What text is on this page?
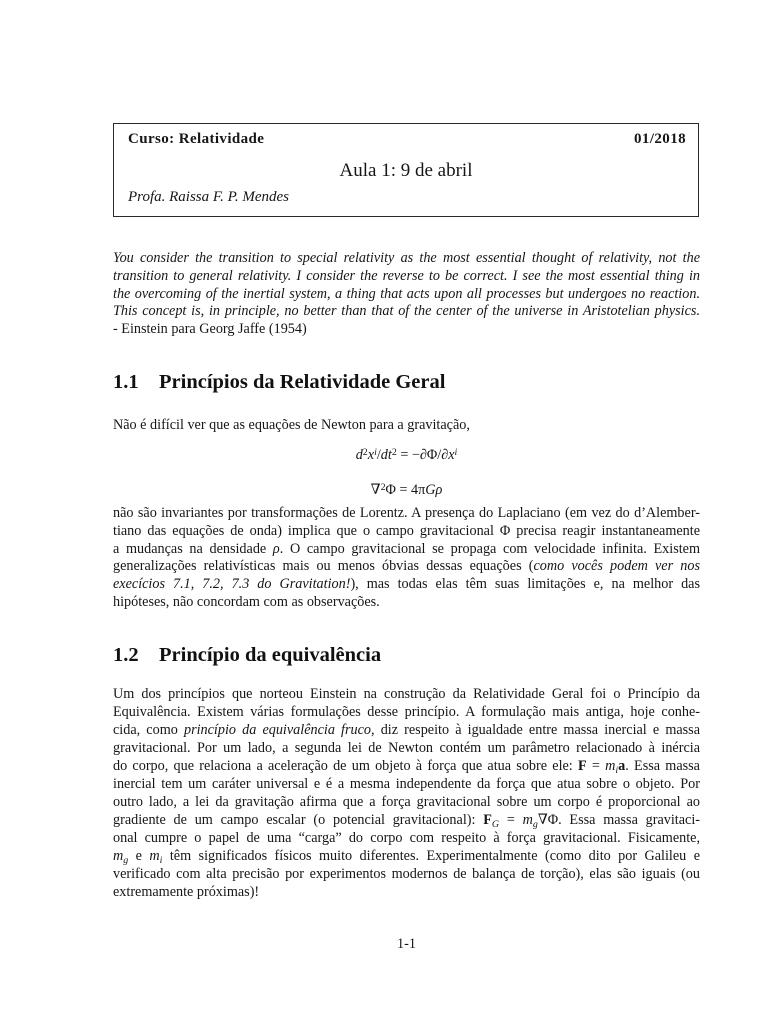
Curso: Relatividade	01/2018
Aula 1: 9 de abril
Profa. Raissa F. P. Mendes
You consider the transition to special relativity as the most essential thought of relativity, not the
transition to general relativity. I consider the reverse to be correct. I see the most essential thing in
the overcoming of the inertial system, a thing that acts upon all processes but undergoes no reaction.
This concept is, in principle, no better than that of the center of the universe in Aristotelian physics.
- Einstein para Georg Jaffe (1954)
1.1 Princípios da Relatividade Geral
Não é difícil ver que as equações de Newton para a gravitação,
$d^2x^i/dt^2 = -\partial\Phi/\partial x^i$
∇$^2$Φ = 4πGρ
não são invariantes por transformações de Lorentz. A presença do Laplaciano (em vez do d’Alember-
tiano das equações de onda) implica que o campo gravitacional Φ precisa reagir instantaneamente
a mudanças na densidade ρ. O campo gravitacional se propaga com velocidade infinita. Existem
generalizações relativísticas mais ou menos óbvias dessas equações (como vocês podem ver nos
execícios 7.1, 7.2, 7.3 do Gravitation!), mas todas elas têm suas limitações e, na melhor das
hipóteses, não concordam com as observações.
1.2 Princípio da equivalência
Um dos princípios que norteou Einstein na construção da Relatividade Geral foi o Princípio da
Equivalência. Existem várias formulações desse princípio. A formulação mais antiga, hoje conhe-
cida, como princípio da equivalência fruco, diz respeito à igualdade entre massa inercial e massa
gravitacional. Por um lado, a segunda lei de Newton contém um parâmetro relacionado à inércia
do corpo, que relaciona a aceleração de um objeto à força que atua sobre ele: $F = m_ia$. Essa massa
inercial tem um caráter universal e é a mesma independente da força que atua sobre o objeto. Por
outro lado, a lei da gravitação afirma que a força gravitacional sobre um corpo é proporcional ao
gradiente de um campo escalar (o potencial gravitacional): $F_G = m_g\nabla\Phi$. Essa massa gravitaci-
onal cumpre o papel de uma “carga” do corpo com respeito à força gravitacional. Fisicamente,
$m_g$ e $m_i$ têm significados físicos muito diferentes. Experimentalmente (como dito por Galileu e
verificado com alta precisão por experimentos modernos de balança de torção), elas são iguais (ou
extremamente próximas)!
1-1
